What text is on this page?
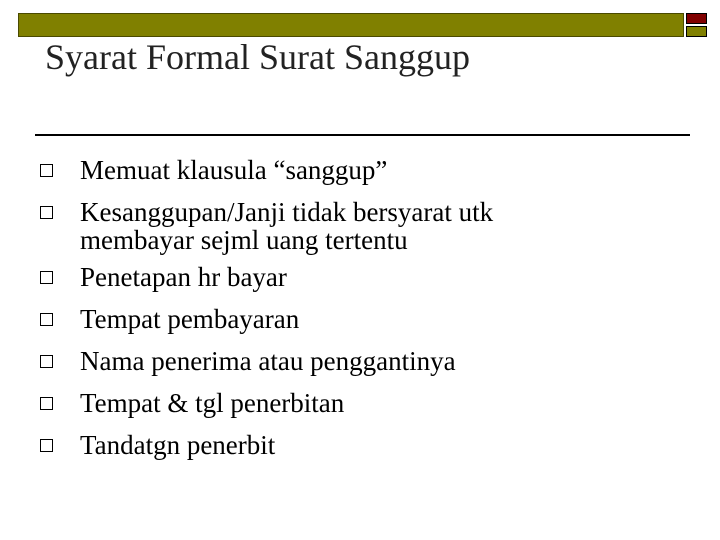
Syarat Formal Surat Sanggup
Memuat klausula “sanggup”
Kesanggupan/Janji tidak bersyarat utk
membayar sejml uang tertentu
Penetapan hr bayar
Tempat pembayaran
Nama penerima atau penggantinya
Tempat & tgl penerbitan
Tandatgn penerbit
